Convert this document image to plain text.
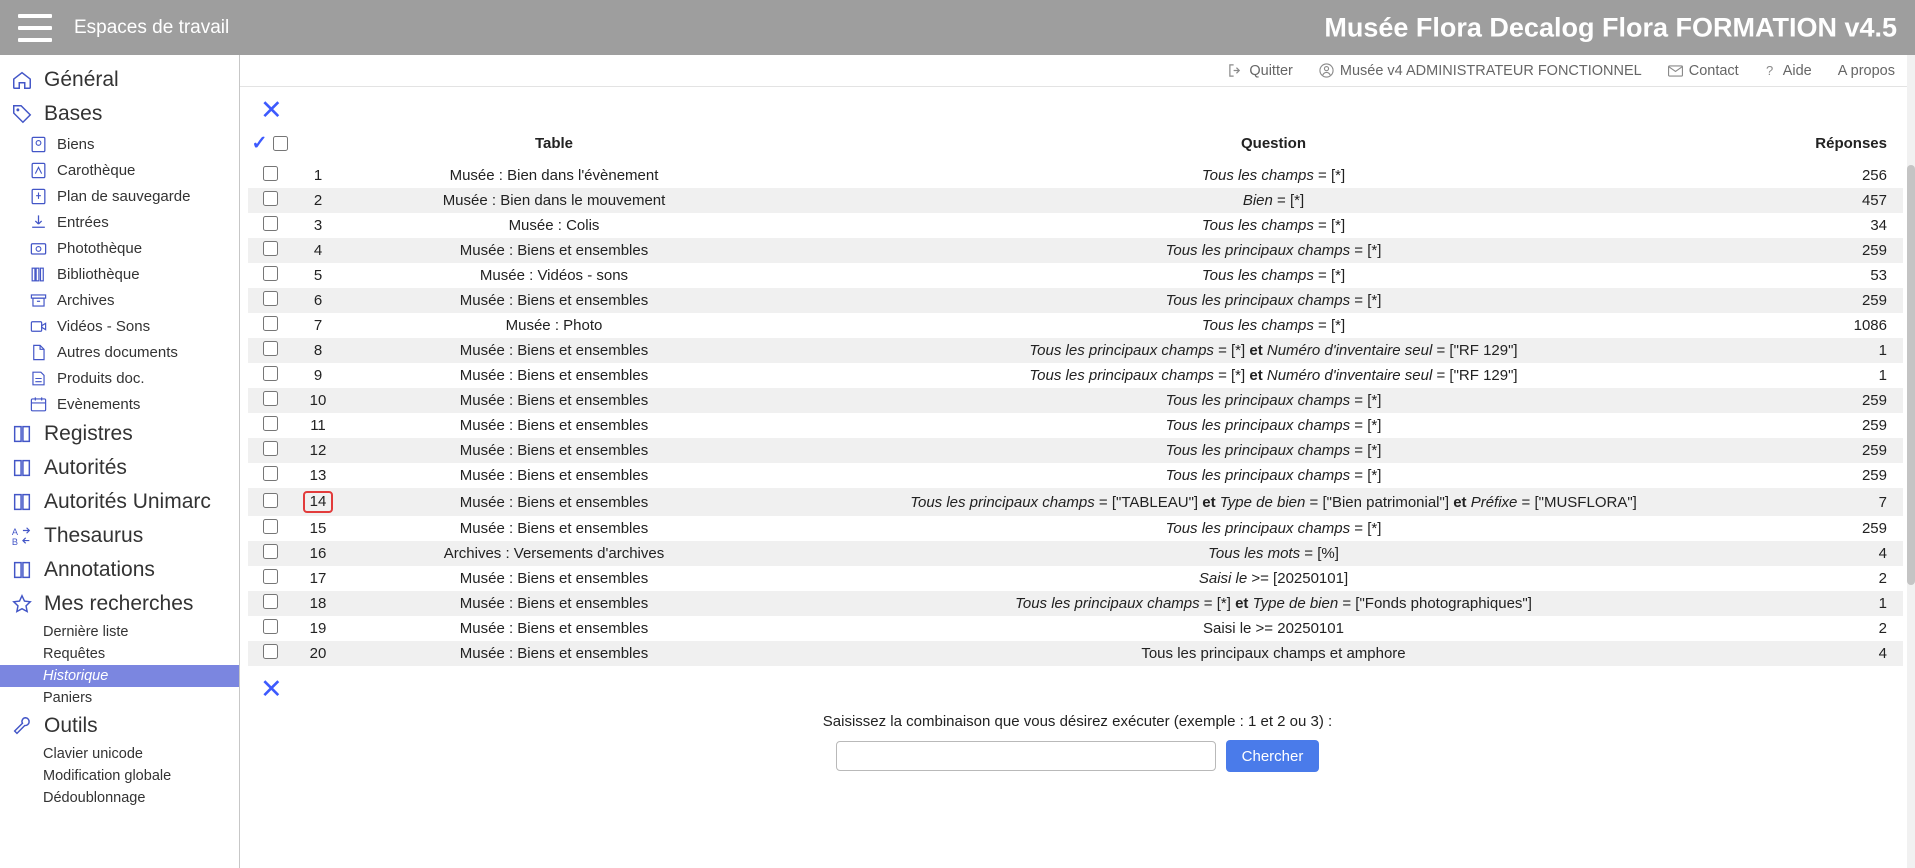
Espaces de travail	Musée Flora Decalog Flora FORMATION v4.5
Général
Bases
Biens
Carothèque
Plan de sauvegarde
Entrées
Photothèque
Bibliothèque
Archives
Vidéos - Sons
Autres documents
Produits doc.
Evènements
Registres
Autorités
Autorités Unimarc
A
B Thesaurus
Annotations
Mes recherches
Dernière liste
Requêtes
Historique
Paniers
Outils
Clavier unicode
Modification globale
Dédoublonnage
Quitter	Musée v4 ADMINISTRATEUR FONCTIONNEL	Contact ? Aide A propos
✕
✓		Table	Question	Réponses
	1	Musée : Bien dans l'évènement	Tous les champs = [*]	256
	2	Musée : Bien dans le mouvement	Bien = [*]	457
	3	Musée : Colis	Tous les champs = [*]	34
	4	Musée : Biens et ensembles	Tous les principaux champs = [*]	259
	5	Musée : Vidéos - sons	Tous les champs = [*]	53
	6	Musée : Biens et ensembles	Tous les principaux champs = [*]	259
	7	Musée : Photo	Tous les champs = [*]	1086
	8	Musée : Biens et ensembles	Tous les principaux champs = [*] et Numéro d'inventaire seul = ["RF 129"]	1
	9	Musée : Biens et ensembles	Tous les principaux champs = [*] et Numéro d'inventaire seul = ["RF 129"]	1
	10	Musée : Biens et ensembles	Tous les principaux champs = [*]	259
	11	Musée : Biens et ensembles	Tous les principaux champs = [*]	259
	12	Musée : Biens et ensembles	Tous les principaux champs = [*]	259
	13	Musée : Biens et ensembles	Tous les principaux champs = [*]	259
	14	Musée : Biens et ensembles	Tous les principaux champs = ["TABLEAU"] et Type de bien = ["Bien patrimonial"] et Préfixe = ["MUSFLORA"]	7
	15	Musée : Biens et ensembles	Tous les principaux champs = [*]	259
	16	Archives : Versements d'archives	Tous les mots = [%]	4
	17	Musée : Biens et ensembles	Saisi le >= [20250101]	2
	18	Musée : Biens et ensembles	Tous les principaux champs = [*] et Type de bien = ["Fonds photographiques"]	1
	19	Musée : Biens et ensembles	Saisi le >= 20250101	2
	20	Musée : Biens et ensembles	Tous les principaux champs et amphore	4
✕
Saisissez la combinaison que vous désirez exécuter (exemple : 1 et 2 ou 3) :
Chercher
